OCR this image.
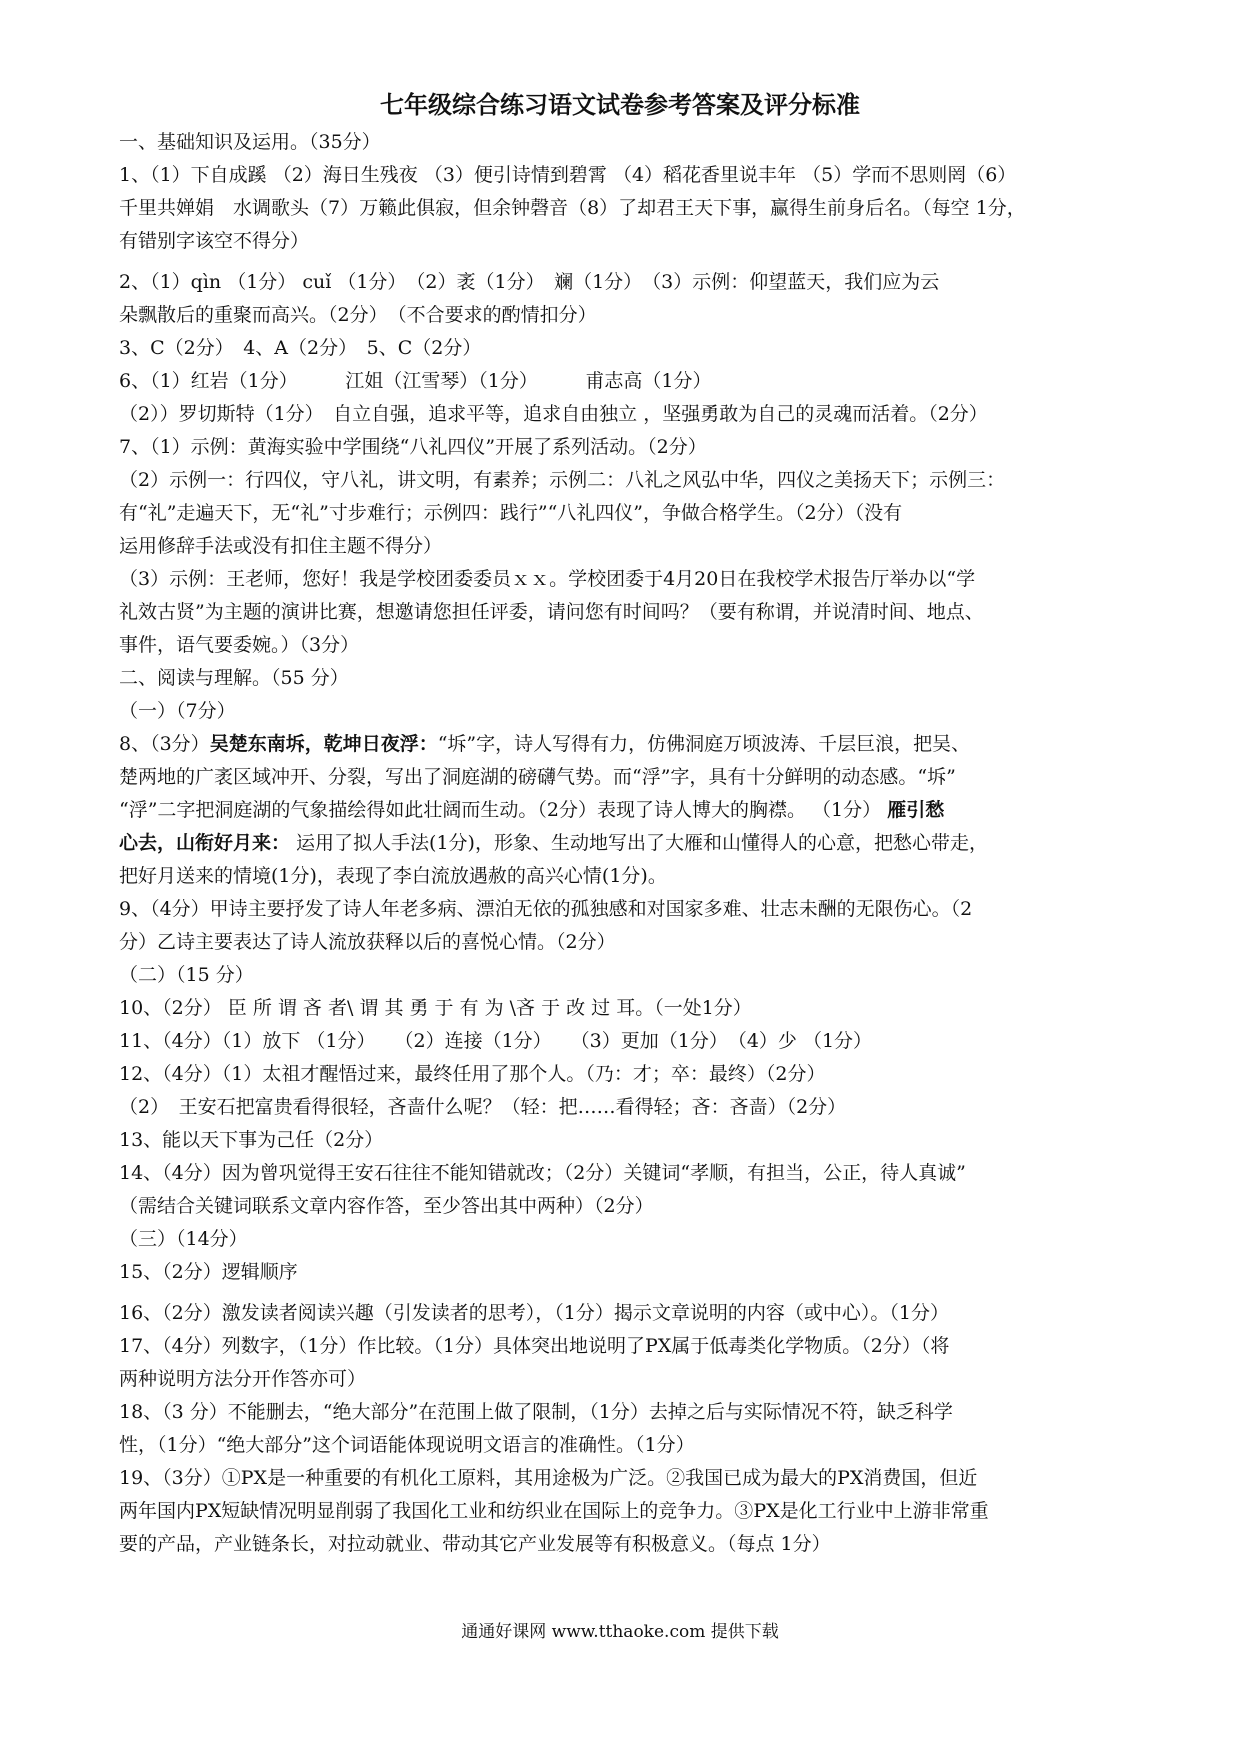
七年级综合练习语文试卷参考答案及评分标准
一、基础知识及运用。（35分）
1、（1）下自成蹊 （2）海日生残夜 （3）便引诗情到碧霄 （4）稻花香里说丰年 （5）学而不思则罔（6）
千里共婵娟　水调歌头（7）万籁此俱寂，但余钟磬音（8）了却君王天下事，赢得生前身后名。（每空 1分，
有错别字该空不得分）
2、（1）qìn （1分） cuǐ （1分）　（2）袤（1分）　斓（1分）　（3）示例：仰望蓝天，我们应为云
朵飘散后的重聚而高兴。（2分）　（不合要求的酌情扣分）
3、C（2分）　4、A（2分）　5、C（2分）
6、（1）红岩（1分）　　　江姐（江雪琴）（1分）　　　甫志高（1分）
（2））罗切斯特（1分）　自立自强，追求平等，追求自由独立 ，坚强勇敢为自己的灵魂而活着。（2分）
7、（1）示例：黄海实验中学围绕“八礼四仪”开展了系列活动。（2分）
（2）示例一：行四仪，守八礼，讲文明，有素养；示例二：八礼之风弘中华，四仪之美扬天下；示例三：
有“礼”走遍天下，无“礼”寸步难行；示例四：践行”“八礼四仪”，争做合格学生。（2分）（没有
运用修辞手法或没有扣住主题不得分）
（3）示例：王老师，您好！我是学校团委委员ｘｘ。学校团委于4月20日在我校学术报告厅举办以“学
礼效古贤”为主题的演讲比赛，想邀请您担任评委，请问您有时间吗？（要有称谓，并说清时间、地点、
事件，语气要委婉。）（3分）
二、阅读与理解。（55 分）
（一）（7分）
8、（3分）吴楚东南坼，乾坤日夜浮：“坼”字，诗人写得有力，仿佛洞庭万顷波涛、千层巨浪，把吴、
楚两地的广袤区域冲开、分裂，写出了洞庭湖的磅礴气势。而“浮”字，具有十分鲜明的动态感。“坼”
“浮”二字把洞庭湖的气象描绘得如此壮阔而生动。（2分）表现了诗人博大的胸襟。 （1分） 雁引愁
心去，山衔好月来： 运用了拟人手法(1分)，形象、生动地写出了大雁和山懂得人的心意，把愁心带走，
把好月送来的情境(1分)，表现了李白流放遇赦的高兴心情(1分)。
9、（4分）甲诗主要抒发了诗人年老多病、漂泊无依的孤独感和对国家多难、壮志未酬的无限伤心。（2
分）乙诗主要表达了诗人流放获释以后的喜悦心情。（2分）
（二）（15 分）
10、（2分） 臣 所 谓 吝 者\ 谓 其 勇 于 有 为 \吝 于 改 过 耳。（一处1分）
11、（4分）（1）放下 （1分）　　（2）连接（1分）　　（3）更加（1分）　（4）少 （1分）
12、（4分）（1）太祖才醒悟过来，最终任用了那个人。（乃：才；卒：最终）（2分）
（2）　王安石把富贵看得很轻，吝啬什么呢？（轻：把……看得轻；吝：吝啬）（2分）
13、能以天下事为己任（2分）
14、（4分）因为曾巩觉得王安石往往不能知错就改；（2分）关键词“孝顺，有担当，公正，待人真诚”
（需结合关键词联系文章内容作答，至少答出其中两种）（2分）
（三）（14分）
15、（2分）逻辑顺序
16、（2分）激发读者阅读兴趣（引发读者的思考），（1分）揭示文章说明的内容（或中心）。（1分）
17、（4分）列数字，（1分）作比较。（1分）具体突出地说明了PX属于低毒类化学物质。（2分）（将
两种说明方法分开作答亦可）
18、（3 分）不能删去，“绝大部分”在范围上做了限制，（1分）去掉之后与实际情况不符，缺乏科学
性，（1分）“绝大部分”这个词语能体现说明文语言的准确性。（1分）
19、（3分）①PX是一种重要的有机化工原料，其用途极为广泛。②我国已成为最大的PX消费国，但近
两年国内PX短缺情况明显削弱了我国化工业和纺织业在国际上的竞争力。③PX是化工行业中上游非常重
要的产品，产业链条长，对拉动就业、带动其它产业发展等有积极意义。（每点 1分）
通通好课网 www.tthaoke.com 提供下载
